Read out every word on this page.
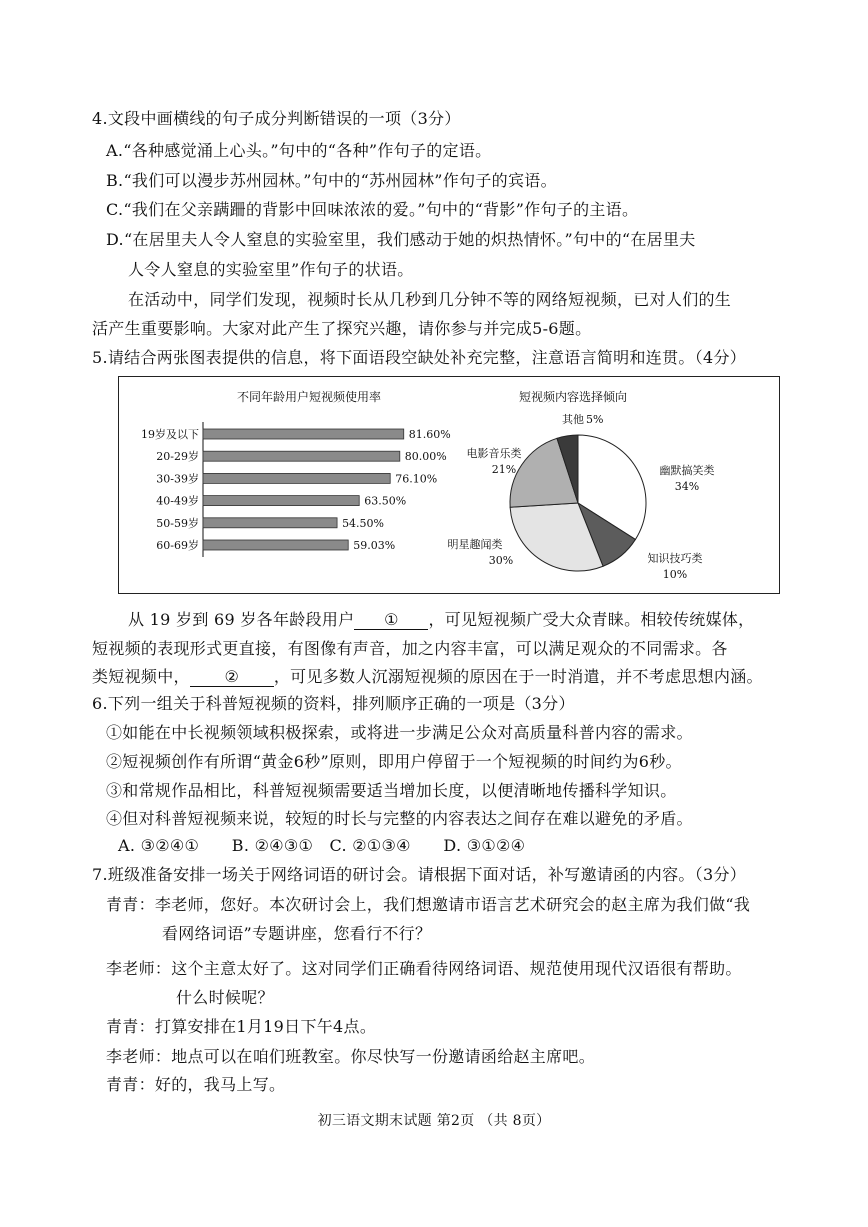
4.文段中画横线的句子成分判断错误的一项（3分）
A.“各种感觉涌上心头。”句中的“各种”作句子的定语。
B.“我们可以漫步苏州园林。”句中的“苏州园林”作句子的宾语。
C.“我们在父亲蹒跚的背影中回味浓浓的爱。”句中的“背影”作句子的主语。
D.“在居里夫人令人窒息的实验室里，我们感动于她的炽热情怀。”句中的“在居里夫
人令人窒息的实验室里”作句子的状语。
在活动中，同学们发现，视频时长从几秒到几分钟不等的网络短视频，已对人们的生
活产生重要影响。大家对此产生了探究兴趣，请你参与并完成5-6题。
5.请结合两张图表提供的信息，将下面语段空缺处补充完整，注意语言简明和连贯。（4分）
不同年龄用户短视频使用率
19岁及以下	81.60%
20-29岁	80.00%
30-39岁	76.10%
40-49岁	63.50%
50-59岁	54.50%
60-69岁	59.03%
短视频内容选择倾向
幽默搞笑类
34%
知识技巧类
10%
明星趣闻类
30%
电影音乐类
21%
其他 5%
从 19 岁到 69 岁各年龄段用户 ① ，可见短视频广受大众青睐。相较传统媒体，
短视频的表现形式更直接，有图像有声音，加之内容丰富，可以满足观众的不同需求。各
类短视频中， ② ，可见多数人沉溺短视频的原因在于一时消遣，并不考虑思想内涵。
6.下列一组关于科普短视频的资料，排列顺序正确的一项是（3分）
①如能在中长视频领域积极探索，或将进一步满足公众对高质量科普内容的需求。
②短视频创作有所谓“黄金6秒”原则，即用户停留于一个短视频的时间约为6秒。
③和常规作品相比，科普短视频需要适当增加长度，以便清晰地传播科学知识。
④但对科普短视频来说，较短的时长与完整的内容表达之间存在难以避免的矛盾。
A. ③②④①　　B. ②④③①　C. ②①③④　　D. ③①②④
7.班级准备安排一场关于网络词语的研讨会。请根据下面对话，补写邀请函的内容。（3分）
青青：李老师，您好。本次研讨会上，我们想邀请市语言艺术研究会的赵主席为我们做“我
看网络词语”专题讲座，您看行不行？
李老师：这个主意太好了。这对同学们正确看待网络词语、规范使用现代汉语很有帮助。
什么时候呢？
青青：打算安排在1月19日下午4点。
李老师：地点可以在咱们班教室。你尽快写一份邀请函给赵主席吧。
青青：好的，我马上写。
初三语文期末试题 第2页 （共 8页）
